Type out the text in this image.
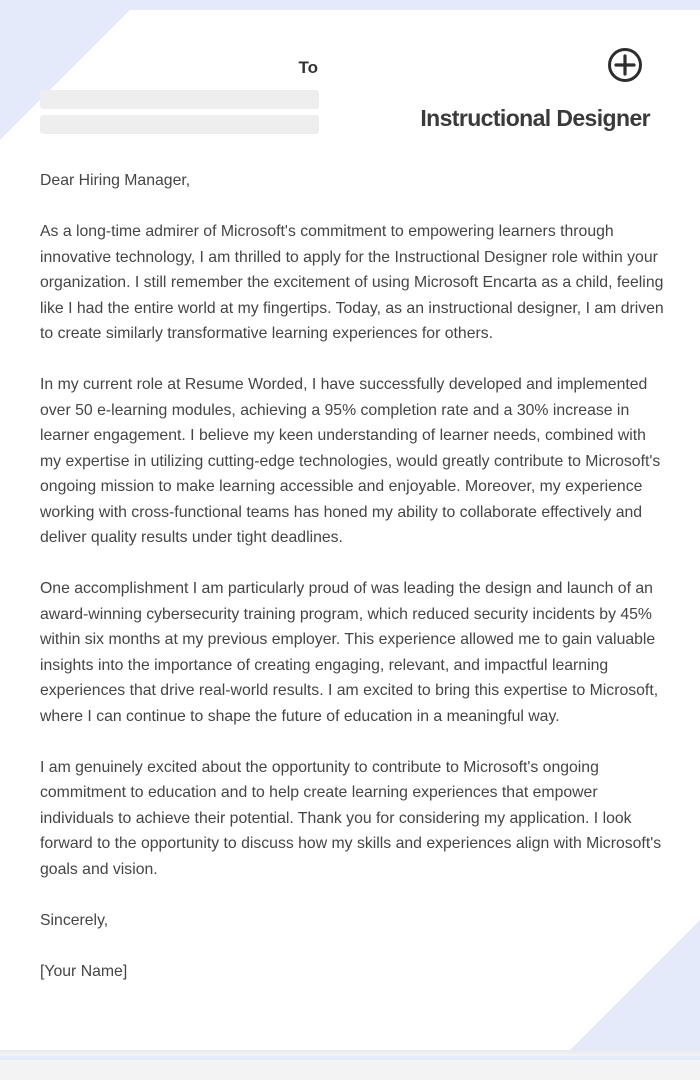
To
Instructional Designer

Dear Hiring Manager,

As a long-time admirer of Microsoft's commitment to empowering learners through innovative technology, I am thrilled to apply for the Instructional Designer role within your organization. I still remember the excitement of using Microsoft Encarta as a child, feeling like I had the entire world at my fingertips. Today, as an instructional designer, I am driven to create similarly transformative learning experiences for others.

In my current role at Resume Worded, I have successfully developed and implemented over 50 e-learning modules, achieving a 95% completion rate and a 30% increase in learner engagement. I believe my keen understanding of learner needs, combined with my expertise in utilizing cutting-edge technologies, would greatly contribute to Microsoft's ongoing mission to make learning accessible and enjoyable. Moreover, my experience working with cross-functional teams has honed my ability to collaborate effectively and deliver quality results under tight deadlines.

One accomplishment I am particularly proud of was leading the design and launch of an award-winning cybersecurity training program, which reduced security incidents by 45% within six months at my previous employer. This experience allowed me to gain valuable insights into the importance of creating engaging, relevant, and impactful learning experiences that drive real-world results. I am excited to bring this expertise to Microsoft, where I can continue to shape the future of education in a meaningful way.

I am genuinely excited about the opportunity to contribute to Microsoft's ongoing commitment to education and to help create learning experiences that empower individuals to achieve their potential. Thank you for considering my application. I look forward to the opportunity to discuss how my skills and experiences align with Microsoft's goals and vision.

Sincerely,

[Your Name]
